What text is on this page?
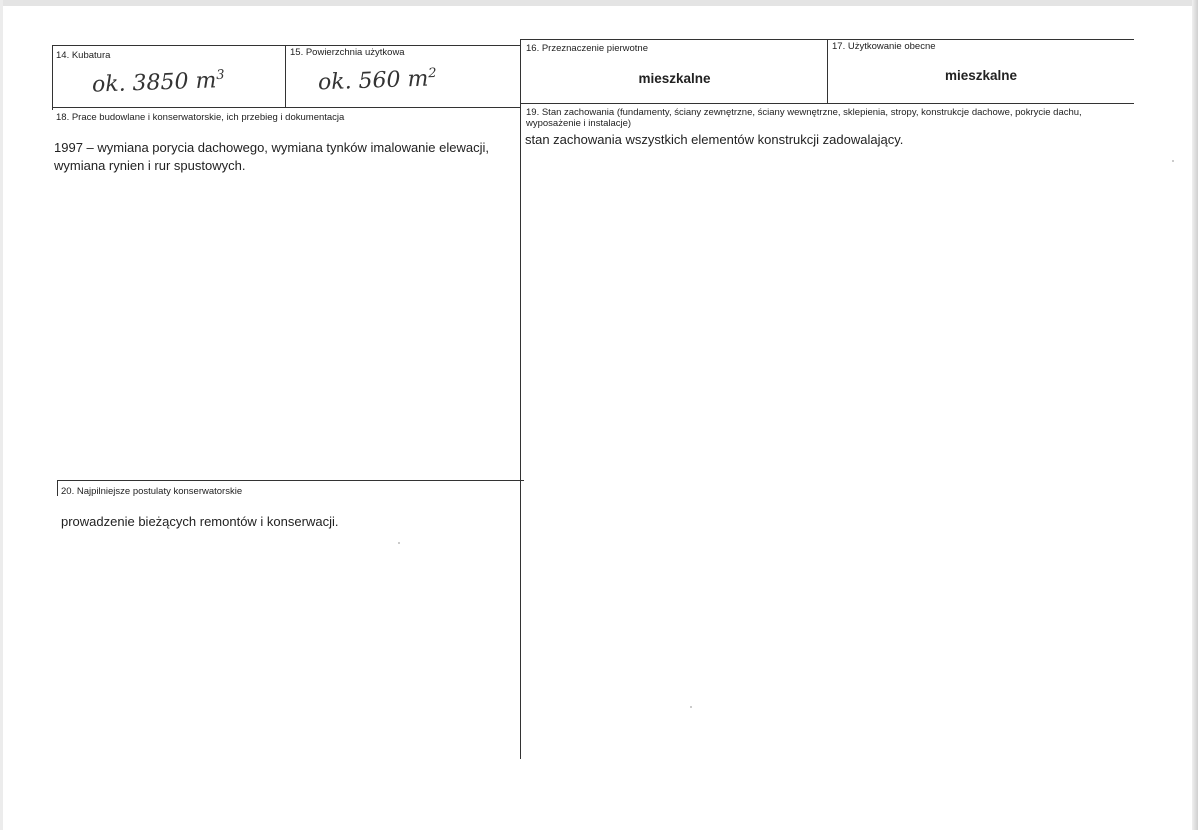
14. Kubatura
ok. 3850 $m^3$
15. Powierzchnia użytkowa
ok. 560 $m^2$
16. Przeznaczenie pierwotne
mieszkalne
17. Użytkowanie obecne
mieszkalne
18. Prace budowlane i konserwatorskie, ich przebieg i dokumentacja
1997 – wymiana porycia dachowego, wymiana tynków imalowanie elewacji, wymiana rynien i rur spustowych.
19. Stan zachowania (fundamenty, ściany zewnętrzne, ściany wewnętrzne, sklepienia, stropy, konstrukcje dachowe, pokrycie dachu, wyposażenie i instalacje)
stan zachowania wszystkich elementów konstrukcji zadowalający.
20. Najpilniejsze postulaty konserwatorskie
prowadzenie bieżących remontów i konserwacji.
